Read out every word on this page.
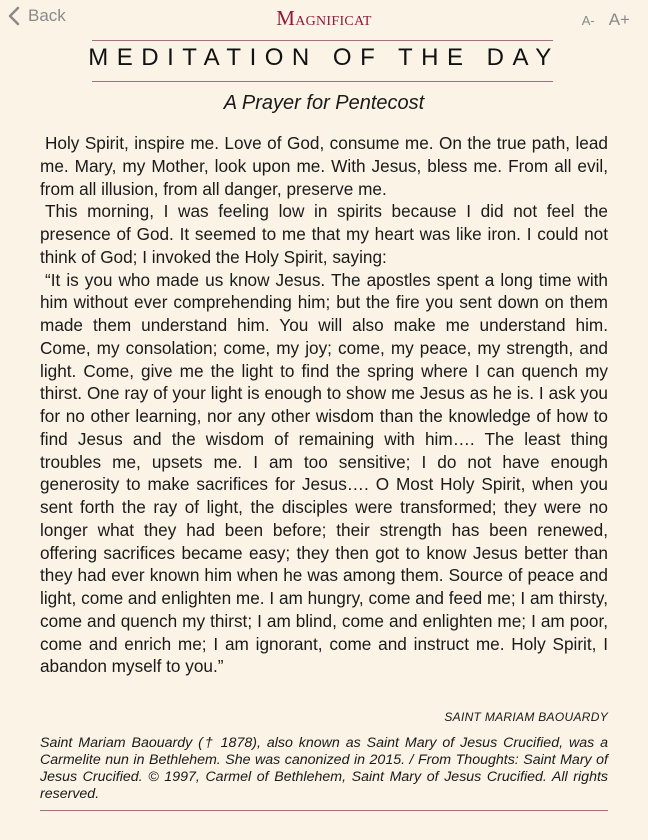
Back	MAGNIFICAT	A- A+
MEDITATION OF THE DAY
A Prayer for Pentecost

Holy Spirit, inspire me. Love of God, consume me. On the true path, lead me. Mary, my Mother, look upon me. With Jesus, bless me. From all evil, from all illusion, from all danger, preserve me.

This morning, I was feeling low in spirits because I did not feel the presence of God. It seemed to me that my heart was like iron. I could not think of God; I invoked the Holy Spirit, saying:

“It is you who made us know Jesus. The apostles spent a long time with him without ever comprehending him; but the fire you sent down on them made them understand him. You will also make me understand him. Come, my consolation; come, my joy; come, my peace, my strength, and light. Come, give me the light to find the spring where I can quench my thirst. One ray of your light is enough to show me Jesus as he is. I ask you for no other learning, nor any other wisdom than the knowledge of how to find Jesus and the wisdom of remaining with him…. The least thing troubles me, upsets me. I am too sensitive; I do not have enough generosity to make sacrifices for Jesus…. O Most Holy Spirit, when you sent forth the ray of light, the disciples were transformed; they were no longer what they had been before; their strength has been renewed, offering sacrifices became easy; they then got to know Jesus better than they had ever known him when he was among them. Source of peace and light, come and enlighten me. I am hungry, come and feed me; I am thirsty, come and quench my thirst; I am blind, come and enlighten me; I am poor, come and enrich me; I am ignorant, come and instruct me. Holy Spirit, I abandon myself to you.”

SAINT MARIAM BAOUARDY
Saint Mariam Baouardy († 1878), also known as Saint Mary of Jesus Crucified, was a Carmelite nun in Bethlehem. She was canonized in 2015. / From Thoughts: Saint Mary of Jesus Crucified. © 1997, Carmel of Bethlehem, Saint Mary of Jesus Crucified. All rights reserved.
